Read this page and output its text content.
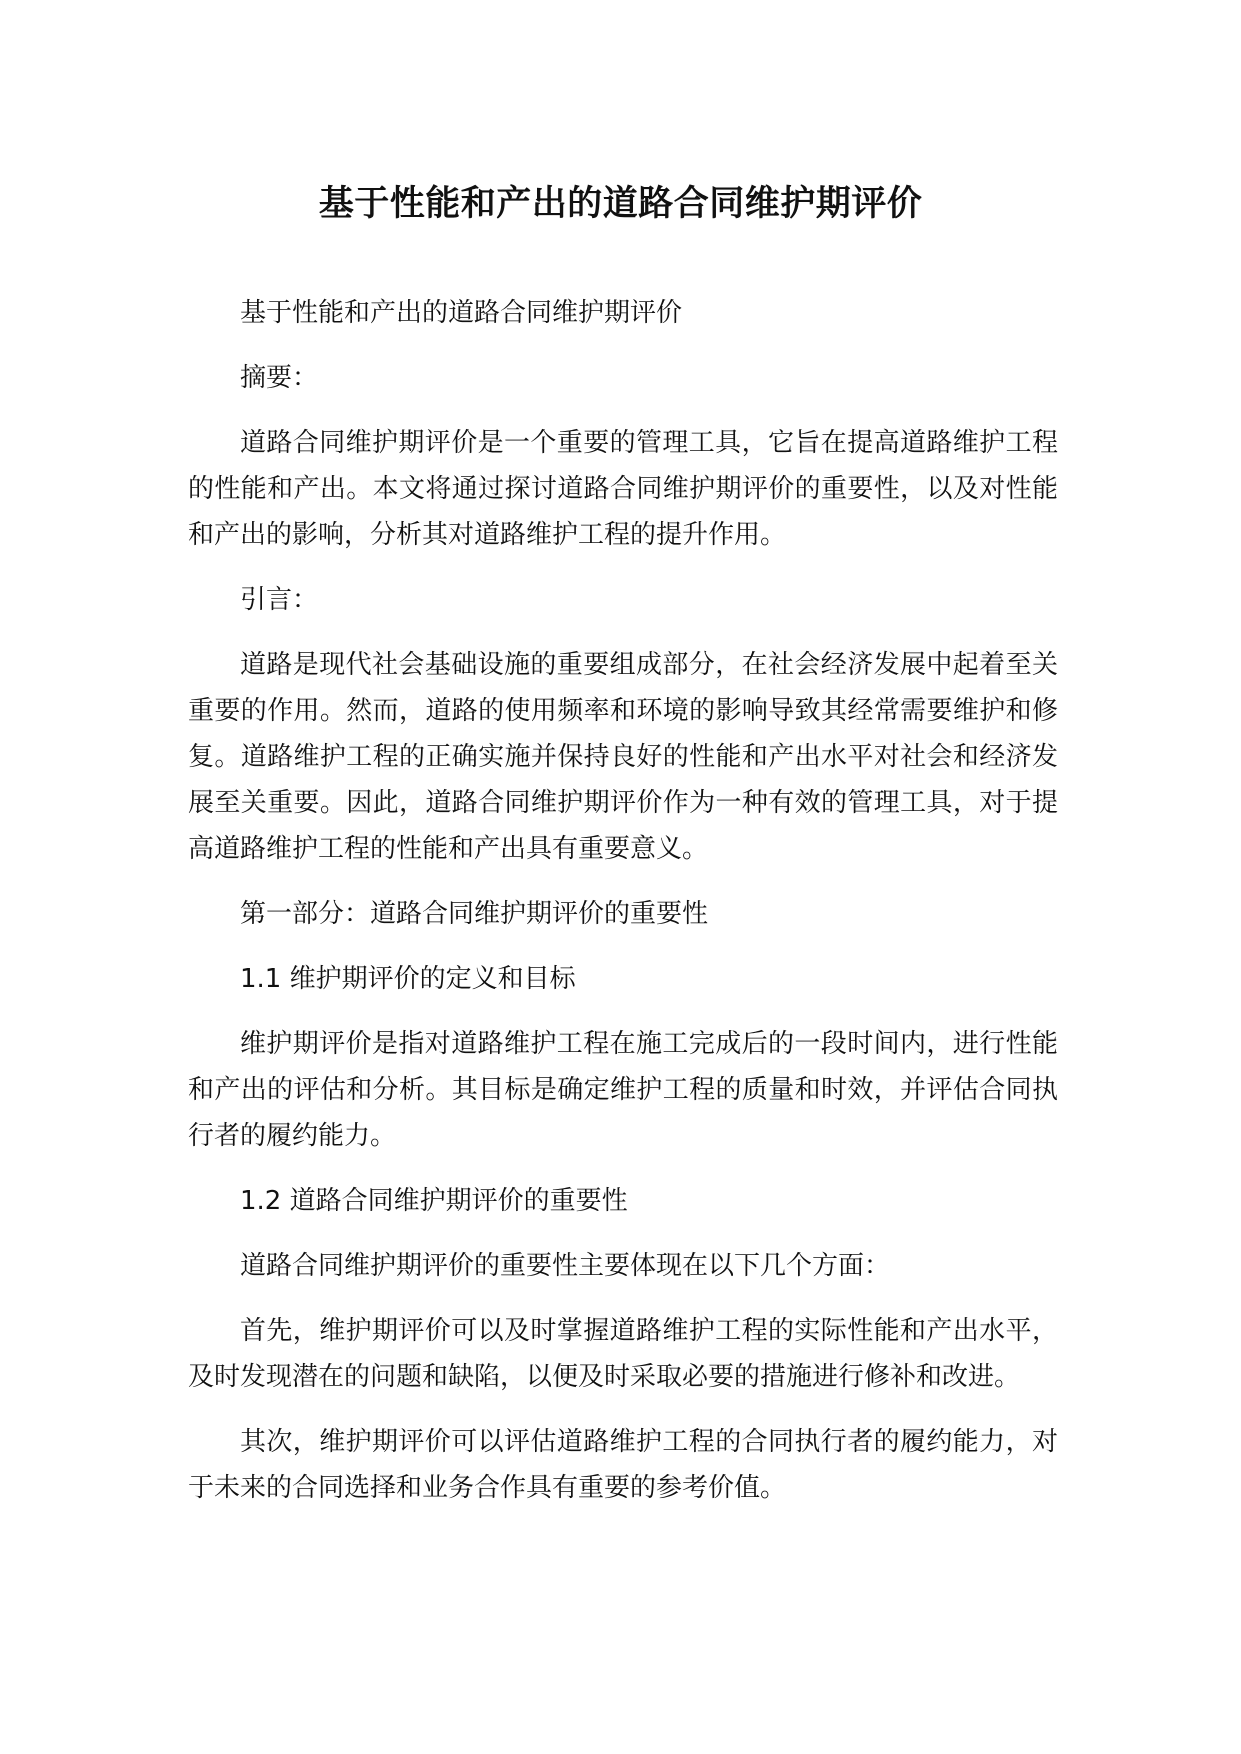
基于性能和产出的道路合同维护期评价

基于性能和产出的道路合同维护期评价

摘要：

道路合同维护期评价是一个重要的管理工具，它旨在提高道路维护工程的性能和产出。本文将通过探讨道路合同维护期评价的重要性，以及对性能和产出的影响，分析其对道路维护工程的提升作用。

引言：

道路是现代社会基础设施的重要组成部分，在社会经济发展中起着至关重要的作用。然而，道路的使用频率和环境的影响导致其经常需要维护和修复。道路维护工程的正确实施并保持良好的性能和产出水平对社会和经济发展至关重要。因此，道路合同维护期评价作为一种有效的管理工具，对于提高道路维护工程的性能和产出具有重要意义。

第一部分：道路合同维护期评价的重要性

1.1 维护期评价的定义和目标

维护期评价是指对道路维护工程在施工完成后的一段时间内，进行性能和产出的评估和分析。其目标是确定维护工程的质量和时效，并评估合同执行者的履约能力。

1.2 道路合同维护期评价的重要性

道路合同维护期评价的重要性主要体现在以下几个方面：

首先，维护期评价可以及时掌握道路维护工程的实际性能和产出水平，及时发现潜在的问题和缺陷，以便及时采取必要的措施进行修补和改进。

其次，维护期评价可以评估道路维护工程的合同执行者的履约能力，对于未来的合同选择和业务合作具有重要的参考价值。
